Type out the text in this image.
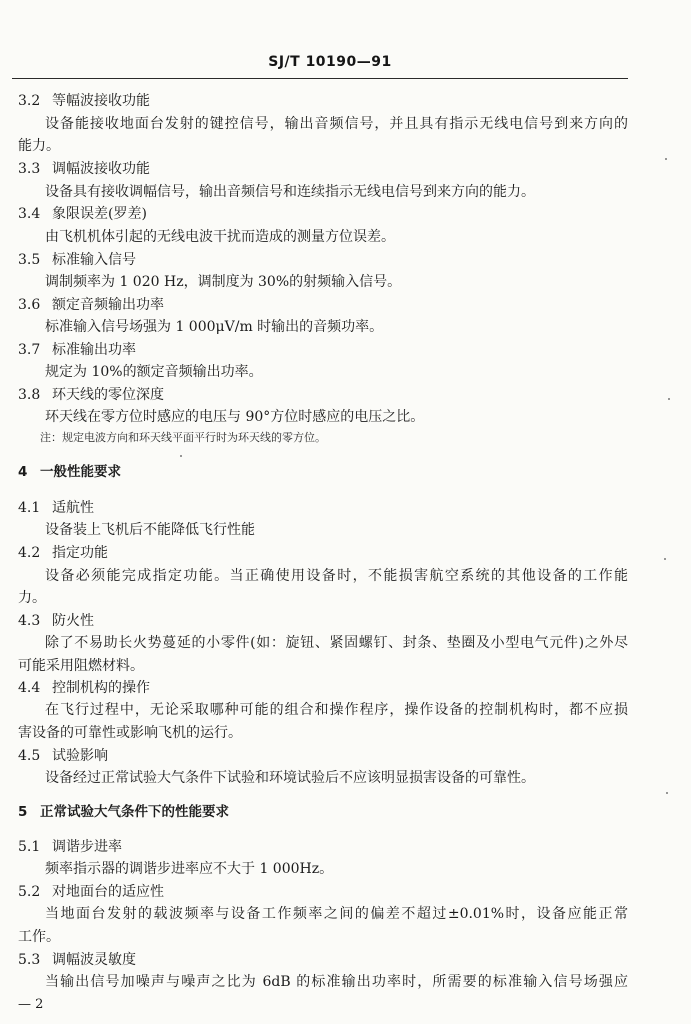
SJ/T 10190—91
3.2 等幅波接收功能
设备能接收地面台发射的键控信号，输出音频信号，并且具有指示无线电信号到来方向的
能力。
3.3 调幅波接收功能
设备具有接收调幅信号，输出音频信号和连续指示无线电信号到来方向的能力。
3.4 象限误差(罗差)
由飞机机体引起的无线电波干扰而造成的测量方位误差。
3.5 标准输入信号
调制频率为 1 020 Hz，调制度为 30%的射频输入信号。
3.6 额定音频输出功率
标准输入信号场强为 1 000μV/m 时输出的音频功率。
3.7 标准输出功率
规定为 10%的额定音频输出功率。
3.8 环天线的零位深度
环天线在零方位时感应的电压与 90°方位时感应的电压之比。
注：规定电波方向和环天线平面平行时为环天线的零方位。
4 一般性能要求
4.1 适航性
设备装上飞机后不能降低飞行性能
4.2 指定功能
设备必须能完成指定功能。当正确使用设备时，不能损害航空系统的其他设备的工作能
力。
4.3 防火性
除了不易助长火势蔓延的小零件(如：旋钮、紧固螺钉、封条、垫圈及小型电气元件)之外尽
可能采用阻燃材料。
4.4 控制机构的操作
在飞行过程中，无论采取哪种可能的组合和操作程序，操作设备的控制机构时，都不应损
害设备的可靠性或影响飞机的运行。
4.5 试验影响
设备经过正常试验大气条件下试验和环境试验后不应该明显损害设备的可靠性。
5 正常试验大气条件下的性能要求
5.1 调谐步进率
频率指示器的调谐步进率应不大于 1 000Hz。
5.2 对地面台的适应性
当地面台发射的载波频率与设备工作频率之间的偏差不超过±0.01%时，设备应能正常
工作。
5.3 调幅波灵敏度
当输出信号加噪声与噪声之比为 6dB 的标准输出功率时，所需要的标准输入信号场强应
— 2
